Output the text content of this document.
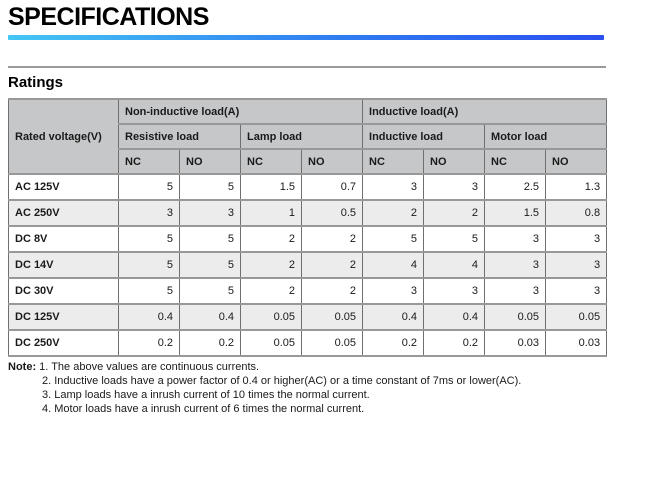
SPECIFICATIONS
Ratings
Rated voltage(V)	Non-inductive load(A)				Inductive load(A)			
	Resistive load		Lamp load		Inductive load		Motor load	
	NC	NO	NC	NO	NC	NO	NC	NO
AC 125V	5	5	1.5	0.7	3	3	2.5	1.3
AC 250V	3	3	1	0.5	2	2	1.5	0.8
DC 8V	5	5	2	2	5	5	3	3
DC 14V	5	5	2	2	4	4	3	3
DC 30V	5	5	2	2	3	3	3	3
DC 125V	0.4	0.4	0.05	0.05	0.4	0.4	0.05	0.05
DC 250V	0.2	0.2	0.05	0.05	0.2	0.2	0.03	0.03
Note: 1. The above values are continuous currents.
2. Inductive loads have a power factor of 0.4 or higher(AC) or a time constant of 7ms or lower(AC).
3. Lamp loads have a inrush current of 10 times the normal current.
4. Motor loads have a inrush current of 6 times the normal current.
